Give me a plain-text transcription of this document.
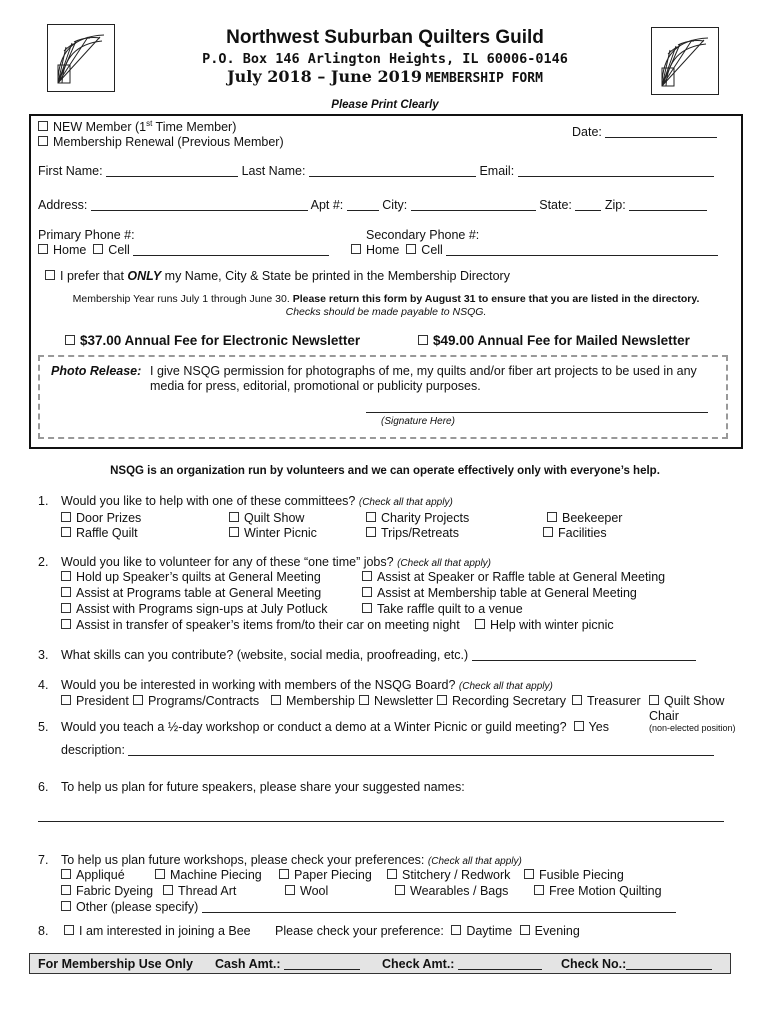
Northwest Suburban Quilters Guild
P.O. Box 146 Arlington Heights, IL 60006-0146
July 2018 – June 2019 MEMBERSHIP FORM
Please Print Clearly
NEW Member (1st Time Member)
Membership Renewal (Previous Member)
Date:
First Name:	Last Name:	Email:
Address:	Apt #:	City:	State:	Zip:
Primary Phone #:
Home Cell
Secondary Phone #:
Home Cell
I prefer that ONLY my Name, City & State be printed in the Membership Directory
Membership Year runs July 1 through June 30. Please return this form by August 31 to ensure that you are listed in the directory.
Checks should be made payable to NSQG.
$37.00 Annual Fee for Electronic Newsletter	$49.00 Annual Fee for Mailed Newsletter
Photo Release: I give NSQG permission for photographs of me, my quilts and/or fiber art projects to be used in any
media for press, editorial, promotional or publicity purposes.
(Signature Here)
NSQG is an organization run by volunteers and we can operate effectively only with everyone’s help.
1. Would you like to help with one of these committees? (Check all that apply)
Door Prizes	Quilt Show	Charity Projects	Beekeeper
Raffle Quilt	Winter Picnic	Trips/Retreats	Facilities
2. Would you like to volunteer for any of these “one time” jobs? (Check all that apply)
Hold up Speaker’s quilts at General Meeting	Assist at Speaker or Raffle table at General Meeting
Assist at Programs table at General Meeting	Assist at Membership table at General Meeting
Assist with Programs sign-ups at July Potluck	Take raffle quilt to a venue
Assist in transfer of speaker’s items from/to their car on meeting night	Help with winter picnic
3. What skills can you contribute? (website, social media, proofreading, etc.)
4. Would you be interested in working with members of the NSQG Board? (Check all that apply)
President	Programs/Contracts	Membership	Newsletter	Recording Secretary	Treasurer	Quilt Show
Chair
(non-elected position)
5. Would you teach a ½-day workshop or conduct a demo at a Winter Picnic or guild meeting? Yes
description:
6. To help us plan for future speakers, please share your suggested names:
7. To help us plan future workshops, please check your preferences: (Check all that apply)
Appliqué	Machine Piecing	Paper Piecing	Stitchery / Redwork	Fusible Piecing
Fabric Dyeing	Thread Art	Wool	Wearables / Bags	Free Motion Quilting
Other (please specify)
8.	I am interested in joining a Bee Please check your preference: Daytime Evening
For Membership Use Only Cash Amt.:	Check Amt.:	Check No.:
